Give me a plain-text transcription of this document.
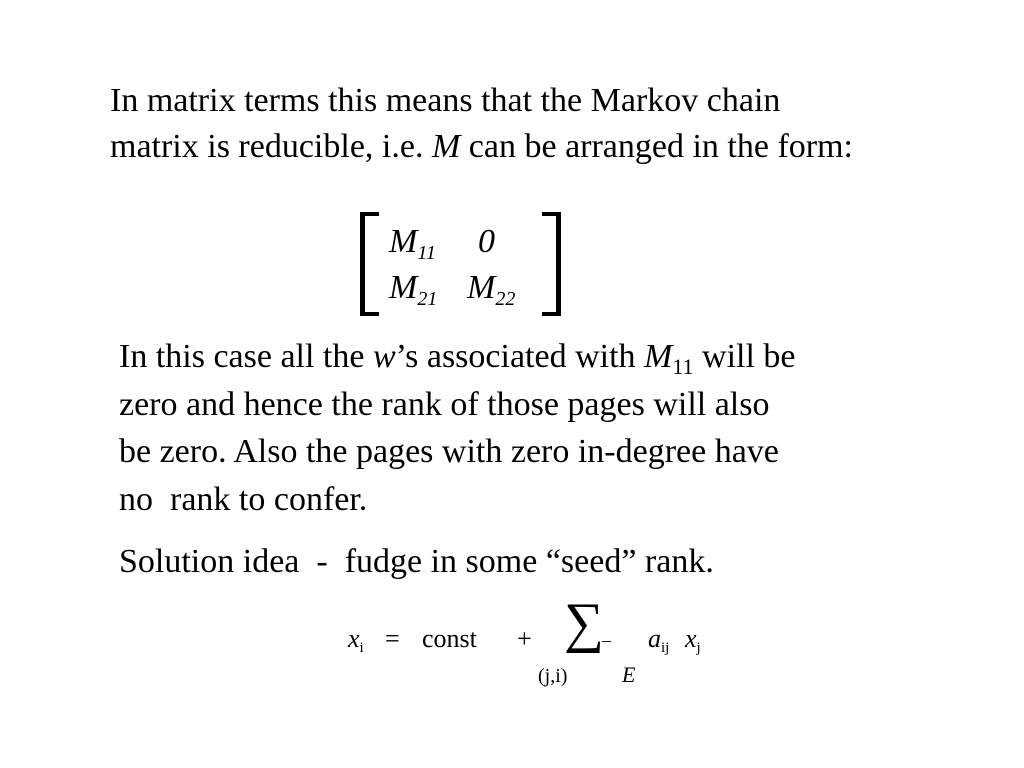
In matrix terms this means that the Markov chain
matrix is reducible, i.e. M can be arranged in the form:
$M_{11}$ 0
$M_{21}$ $M_{22}$
In this case all the w’s associated with $M_{11}$ will be
zero and hence the rank of those pages will also
be zero. Also the pages with zero in-degree have
no  rank to confer.
Solution idea  -  fudge in some “seed” rank.
$x_i$ = const + ∑
– $a_{ij}$ $x_j$
(j,i) E
